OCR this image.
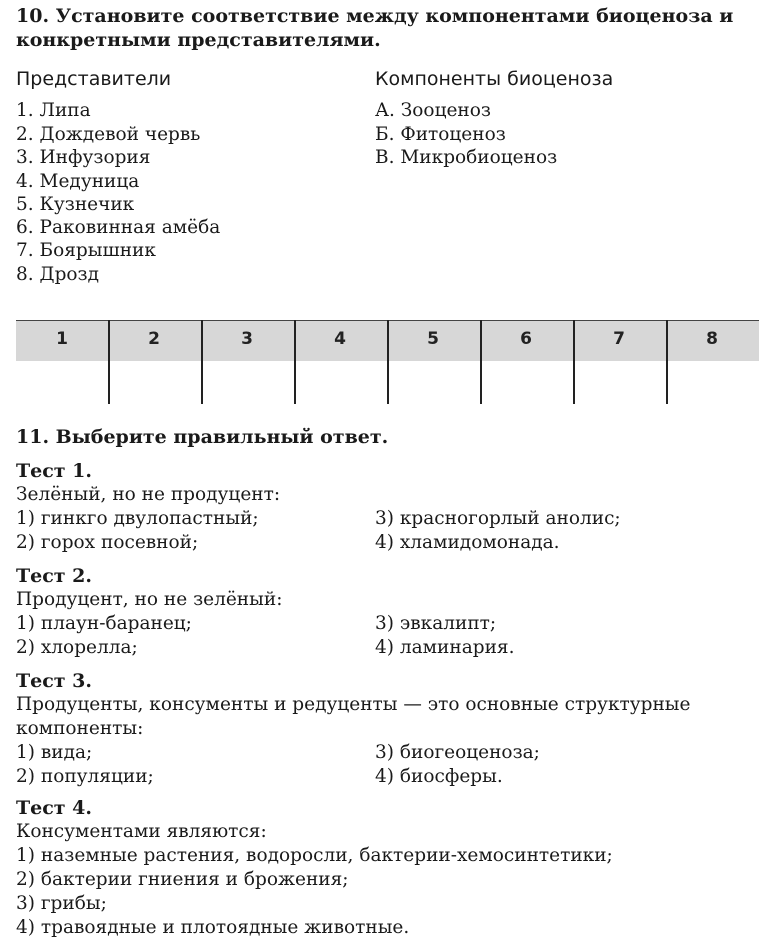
10. Установите соответствие между компонентами биоценоза и
конкретными представителями.
Представители	Компоненты биоценоза
1. Липа
2. Дождевой червь
3. Инфузория
4. Медуница
5. Кузнечик
6. Раковинная амёба
7. Боярышник
8. Дрозд
А. Зооценоз
Б. Фитоценоз
В. Микробиоценоз
1	2	3	4	5	6	7	8
11. Выберите правильный ответ.
Тест 1.
Зелёный, но не продуцент:
1) гинкго двулопастный;
2) горох посевной;
3) красногорлый анолис;
4) хламидомонада.
Тест 2.
Продуцент, но не зелёный:
1) плаун-баранец;
2) хлорелла;
3) эвкалипт;
4) ламинария.
Тест 3.
Продуценты, консументы и редуценты — это основные структурные
компоненты:
1) вида;
2) популяции;
3) биогеоценоза;
4) биосферы.
Тест 4.
Консументами являются:
1) наземные растения, водоросли, бактерии-хемосинтетики;
2) бактерии гниения и брожения;
3) грибы;
4) травоядные и плотоядные животные.
